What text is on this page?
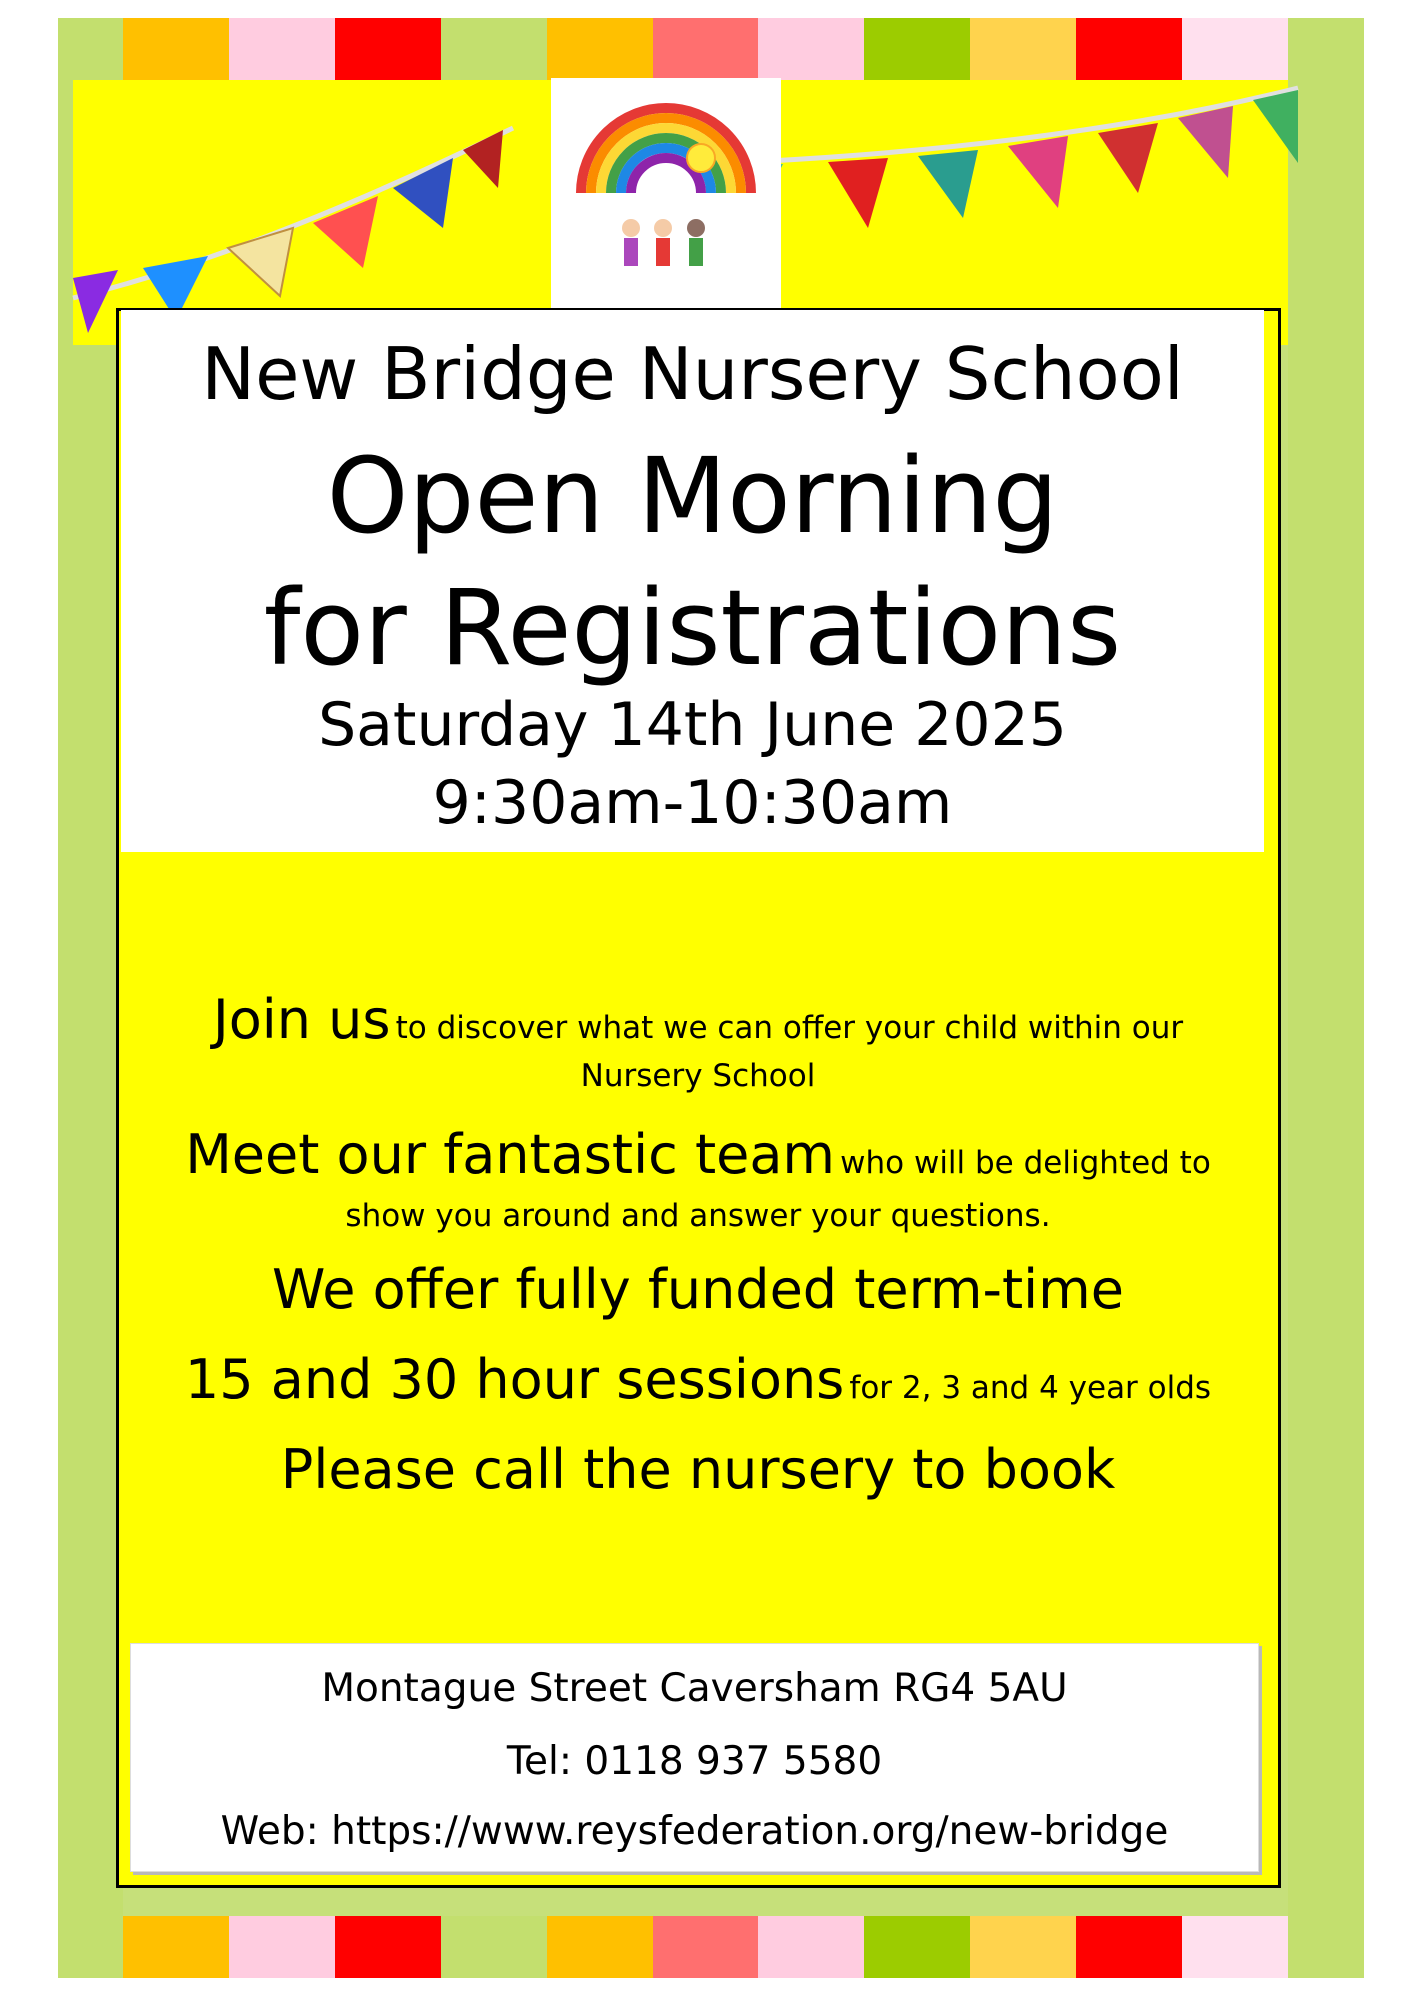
New Bridge Nursery School
Open Morning
for Registrations
Saturday 14th June 2025
9:30am-10:30am
Join us to discover what we can offer your child within our
Nursery School
Meet our fantastic team who will be delighted to
show you around and answer your questions.
We offer fully funded term-time
15 and 30 hour sessions for 2, 3 and 4 year olds
Please call the nursery to book
Montague Street Caversham RG4 5AU
Tel: 0118 937 5580
Web: https://www.reysfederation.org/new-bridge
